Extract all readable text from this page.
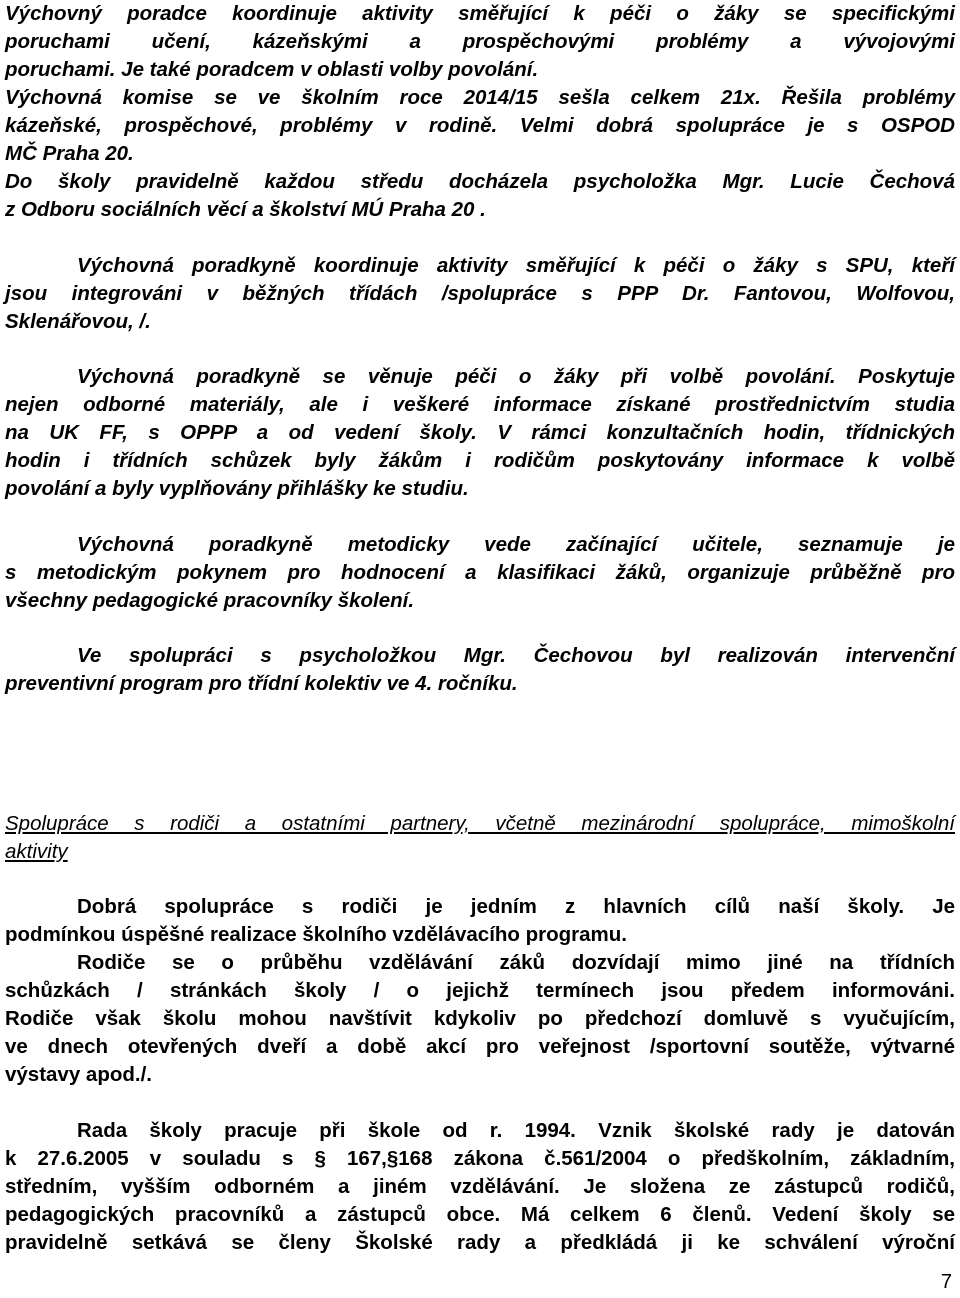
Výchovný poradce koordinuje aktivity směřující k péči o žáky se specifickými
poruchami učení, kázeňskými a prospěchovými problémy a vývojovými
poruchami. Je také poradcem v oblasti volby povolání.
Výchovná komise se ve školním roce 2014/15 sešla celkem 21x. Řešila problémy
kázeňské, prospěchové, problémy v rodině. Velmi dobrá spolupráce je s OSPOD
MČ Praha 20.
Do školy pravidelně každou středu docházela psycholožka Mgr. Lucie Čechová
z Odboru sociálních věcí a školství MÚ Praha 20 .
Výchovná poradkyně koordinuje aktivity směřující k péči o žáky s SPU, kteří
jsou integrováni v běžných třídách /spolupráce s PPP Dr. Fantovou, Wolfovou,
Sklenářovou, /.
Výchovná poradkyně se věnuje péči o žáky při volbě povolání. Poskytuje
nejen odborné materiály, ale i veškeré informace získané prostřednictvím studia
na UK FF, s OPPP a od vedení školy. V rámci konzultačních hodin, třídnických
hodin i třídních schůzek byly žákům i rodičům poskytovány informace k volbě
povolání a byly vyplňovány přihlášky ke studiu.
Výchovná poradkyně metodicky vede začínající učitele, seznamuje je
s metodickým pokynem pro hodnocení a klasifikaci žáků, organizuje průběžně pro
všechny pedagogické pracovníky školení.
Ve spolupráci s psycholožkou Mgr. Čechovou byl realizován intervenční
preventivní program pro třídní kolektiv ve 4. ročníku.
Spolupráce s rodiči a ostatními partnery, včetně mezinárodní spolupráce, mimoškolní
aktivity
Dobrá spolupráce s rodiči je jedním z hlavních cílů naší školy. Je
podmínkou úspěšné realizace školního vzdělávacího programu.
Rodiče se o průběhu vzdělávání záků dozvídají mimo jiné na třídních
schůzkách / stránkách školy / o jejichž termínech jsou předem informováni.
Rodiče však školu mohou navštívit kdykoliv po předchozí domluvě s vyučujícím,
ve dnech otevřených dveří a době akcí pro veřejnost /sportovní soutěže, výtvarné
výstavy apod./.
Rada školy pracuje při škole od r. 1994. Vznik školské rady je datován
k 27.6.2005 v souladu s § 167,§168 zákona č.561/2004 o předškolním, základním,
středním, vyšším odborném a jiném vzdělávání. Je složena ze zástupců rodičů,
pedagogických pracovníků a zástupců obce. Má celkem 6 členů. Vedení školy se
pravidelně setkává se členy Školské rady a předkládá ji ke schválení výroční
7
